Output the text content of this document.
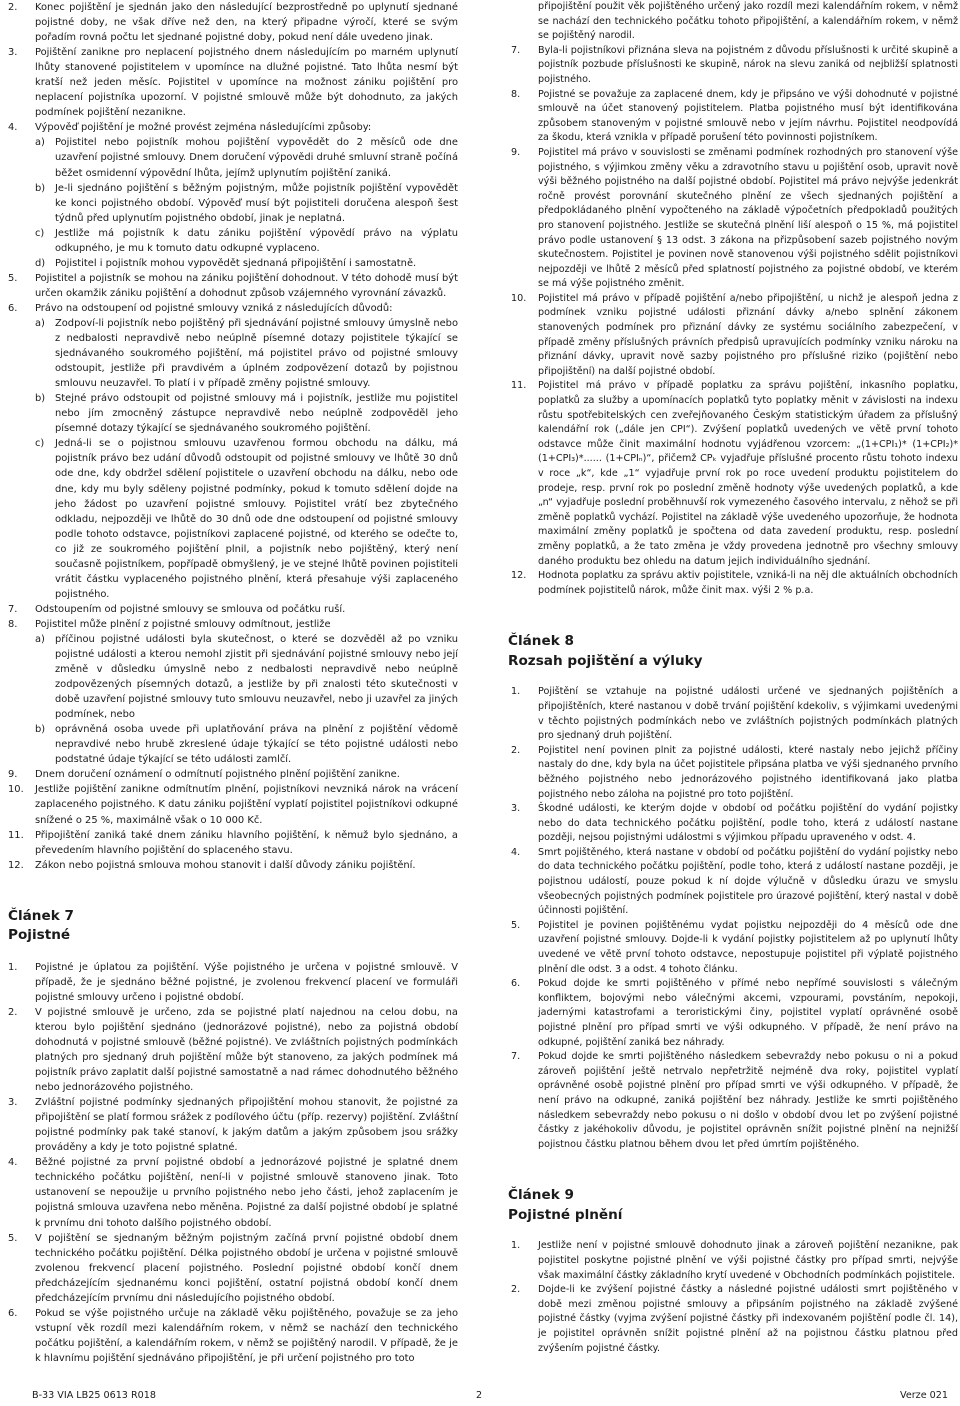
2. Konec pojištění je sjednán jako den následující bezprostředně po uplynutí sjednané pojistné doby, ne však dříve než den, na který připadne výročí, které se svým pořadím rovná počtu let sjednané pojistné doby, pokud není dále uvedeno jinak.
3. Pojištění zanikne pro neplacení pojistného dnem následujícím po marném uplynutí lhůty stanovené pojistitelem v upomínce na dlužné pojistné. Tato lhůta nesmí být kratší než jeden měsíc. Pojistitel v upomínce na možnost zániku pojištění pro neplacení pojistníka upozorní. V pojistné smlouvě může být dohodnuto, za jakých podmínek pojištění nezanikne.
4. Výpověď pojištění je možné provést zejména následujícími způsoby:
a) Pojistitel nebo pojistník mohou pojištění vypovědět do 2 měsíců ode dne uzavření pojistné smlouvy. Dnem doručení výpovědi druhé smluvní straně počíná běžet osmidenní výpovědní lhůta, jejímž uplynutím pojištění zaniká.
b) Je-li sjednáno pojištění s běžným pojistným, může pojistník pojištění vypovědět ke konci pojistného období. Výpověď musí být pojistiteli doručena alespoň šest týdnů před uplynutím pojistného období, jinak je neplatná.
c) Jestliže má pojistník k datu zániku pojištění výpovědí právo na výplatu odkupného, je mu k tomuto datu odkupné vyplaceno.
d) Pojistitel i pojistník mohou vypovědět sjednaná připojištění i samostatně.
5. Pojistitel a pojistník se mohou na zániku pojištění dohodnout. V této dohodě musí být určen okamžik zániku pojištění a dohodnut způsob vzájemného vyrovnání závazků.
6. Právo na odstoupení od pojistné smlouvy vzniká z následujících důvodů:
a) Zodpoví-li pojistník nebo pojištěný při sjednávání pojistné smlouvy úmyslně nebo z nedbalosti nepravdivě nebo neúplně písemné dotazy pojistitele týkající se sjednávaného soukromého pojištění, má pojistitel právo od pojistné smlouvy odstoupit, jestliže při pravdivém a úplném zodpovězení dotazů by pojistnou smlouvu neuzavřel. To platí i v případě změny pojistné smlouvy.
b) Stejné právo odstoupit od pojistné smlouvy má i pojistník, jestliže mu pojistitel nebo jím zmocněný zástupce nepravdivě nebo neúplně zodpověděl jeho písemné dotazy týkající se sjednávaného soukromého pojištění.
c) Jedná-li se o pojistnou smlouvu uzavřenou formou obchodu na dálku, má pojistník právo bez udání důvodů odstoupit od pojistné smlouvy ve lhůtě 30 dnů ode dne, kdy obdržel sdělení pojistitele o uzavření obchodu na dálku, nebo ode dne, kdy mu byly sděleny pojistné podmínky, pokud k tomuto sdělení dojde na jeho žádost po uzavření pojistné smlouvy. Pojistitel vrátí bez zbytečného odkladu, nejpozději ve lhůtě do 30 dnů ode dne odstoupení od pojistné smlouvy podle tohoto odstavce, pojistníkovi zaplacené pojistné, od kterého se odečte to, co již ze soukromého pojištění plnil, a pojistník nebo pojištěný, který není současně pojistníkem, popřípadě obmyšlený, je ve stejné lhůtě povinen pojistiteli vrátit částku vyplaceného pojistného plnění, která přesahuje výši zaplaceného pojistného.
7. Odstoupením od pojistné smlouvy se smlouva od počátku ruší.
8. Pojistitel může plnění z pojistné smlouvy odmítnout, jestliže
a) příčinou pojistné události byla skutečnost, o které se dozvěděl až po vzniku pojistné události a kterou nemohl zjistit při sjednávání pojistné smlouvy nebo její změně v důsledku úmyslně nebo z nedbalosti nepravdivě nebo neúplně zodpovězených písemných dotazů, a jestliže by při znalosti této skutečnosti v době uzavření pojistné smlouvy tuto smlouvu neuzavřel, nebo ji uzavřel za jiných podmínek, nebo
b) oprávněná osoba uvede při uplatňování práva na plnění z pojištění vědomě nepravdivé nebo hrubě zkreslené údaje týkající se této pojistné události nebo podstatné údaje týkající se této události zamlčí.
9. Dnem doručení oznámení o odmítnutí pojistného plnění pojištění zanikne.
10. Jestliže pojištění zanikne odmítnutím plnění, pojistníkovi nevzniká nárok na vrácení zaplaceného pojistného. K datu zániku pojištění vyplatí pojistitel pojistníkovi odkupné snížené o 25 %, maximálně však o 10 000 Kč.
11. Připojištění zaniká také dnem zániku hlavního pojištění, k němuž bylo sjednáno, a převedením hlavního pojištění do splaceného stavu.
12. Zákon nebo pojistná smlouva mohou stanovit i další důvody zániku pojištění.
Článek 7
Pojistné
1. Pojistné je úplatou za pojištění. Výše pojistného je určena v pojistné smlouvě. V případě, že je sjednáno běžné pojistné, je zvolenou frekvencí placení ve formuláři pojistné smlouvy určeno i pojistné období.
2. V pojistné smlouvě je určeno, zda se pojistné platí najednou na celou dobu, na kterou bylo pojištění sjednáno (jednorázové pojistné), nebo za pojistná období dohodnutá v pojistné smlouvě (běžné pojistné). Ve zvláštních pojistných podmínkách platných pro sjednaný druh pojištění může být stanoveno, za jakých podmínek má pojistník právo zaplatit další pojistné samostatně a nad rámec dohodnutého běžného nebo jednorázového pojistného.
3. Zvláštní pojistné podmínky sjednaných připojištění mohou stanovit, že pojistné za připojištění se platí formou srážek z podílového účtu (příp. rezervy) pojištění. Zvláštní pojistné podmínky pak také stanoví, k jakým datům a jakým způsobem jsou srážky prováděny a kdy je toto pojistné splatné.
4. Běžné pojistné za první pojistné období a jednorázové pojistné je splatné dnem technického počátku pojištění, není-li v pojistné smlouvě stanoveno jinak. Toto ustanovení se nepoužije u prvního pojistného nebo jeho části, jehož zaplacením je pojistná smlouva uzavřena nebo měněna. Pojistné za další pojistné období je splatné k prvnímu dni tohoto dalšího pojistného období.
5. V pojištění se sjednaným běžným pojistným začíná první pojistné období dnem technického počátku pojištění. Délka pojistného období je určena v pojistné smlouvě zvolenou frekvencí placení pojistného. Poslední pojistné období končí dnem předcházejícím sjednanému konci pojištění, ostatní pojistná období končí dnem předcházejícím prvnímu dni následujícího pojistného období.
6. Pokud se výše pojistného určuje na základě věku pojištěného, považuje se za jeho vstupní věk rozdíl mezi kalendářním rokem, v němž se nachází den technického počátku pojištění, a kalendářním rokem, v němž se pojištěný narodil. V případě, že je k hlavnímu pojištění sjednáváno připojištění, je při určení pojistného pro toto
připojištění použit věk pojištěného určený jako rozdíl mezi kalendářním rokem, v němž se nachází den technického počátku tohoto připojištění, a kalendářním rokem, v němž se pojištěný narodil.
7. Byla-li pojistníkovi přiznána sleva na pojistném z důvodu příslušnosti k určité skupině a pojistník pozbude příslušnosti ke skupině, nárok na slevu zaniká od nejbližší splatnosti pojistného.
8. Pojistné se považuje za zaplacené dnem, kdy je připsáno ve výši dohodnuté v pojistné smlouvě na účet stanovený pojistitelem. Platba pojistného musí být identifikována způsobem stanoveným v pojistné smlouvě nebo v jejím návrhu. Pojistitel neodpovídá za škodu, která vznikla v případě porušení této povinnosti pojistníkem.
9. Pojistitel má právo v souvislosti se změnami podmínek rozhodných pro stanovení výše pojistného, s výjimkou změny věku a zdravotního stavu u pojištění osob, upravit nově výši běžného pojistného na další pojistné období. Pojistitel má právo nejvýše jedenkrát ročně provést porovnání skutečného plnění ze všech sjednaných pojištění a předpokládaného plnění vypočteného na základě výpočetních předpokladů použitých pro stanovení pojistného. Jestliže se skutečná plnění liší alespoň o 15 %, má pojistitel právo podle ustanovení § 13 odst. 3 zákona na přizpůsobení sazeb pojistného novým skutečnostem. Pojistitel je povinen nově stanovenou výši pojistného sdělit pojistníkovi nejpozději ve lhůtě 2 měsíců před splatností pojistného za pojistné období, ve kterém se má výše pojistného změnit.
10. Pojistitel má právo v případě pojištění a/nebo připojištění, u nichž je alespoň jedna z podmínek vzniku pojistné události přiznání dávky a/nebo splnění zákonem stanovených podmínek pro přiznání dávky ze systému sociálního zabezpečení, v případě změny příslušných právních předpisů upravujících podmínky vzniku nároku na přiznání dávky, upravit nově sazby pojistného pro příslušné riziko (pojištění nebo připojištění) na další pojistné období.
11. Pojistitel má právo v případě poplatku za správu pojištění, inkasního poplatku, poplatků za služby a upomínacích poplatků tyto poplatky měnit v závislosti na indexu růstu spotřebitelských cen zveřejňovaného Českým statistickým úřadem za příslušný kalendářní rok („dále jen CPI“). Zvýšení poplatků uvedených ve větě první tohoto odstavce může činit maximální hodnotu vyjádřenou vzorcem: „(1+CPI₁)* (1+CPI₂)* (1+CPI₃)*...... (1+CPIₙ)“, přičemž CPₖ vyjadřuje příslušné procento růstu tohoto indexu v roce „k“, kde „1“ vyjadřuje první rok po roce uvedení produktu pojistitelem do prodeje, resp. první rok po poslední změně hodnoty výše uvedených poplatků, a kde „n“ vyjadřuje poslední proběhnuvší rok vymezeného časového intervalu, z něhož se při změně poplatků vychází. Pojistitel na základě výše uvedeného upozorňuje, že hodnota maximální změny poplatků je spočtena od data zavedení produktu, resp. poslední změny poplatků, a že tato změna je vždy provedena jednotně pro všechny smlouvy daného produktu bez ohledu na datum jejich individuálního sjednání.
12. Hodnota poplatku za správu aktiv pojistitele, vzniká-li na něj dle aktuálních obchodních podmínek pojistitelů nárok, může činit max. výši 2 % p.a.
Článek 8
Rozsah pojištění a výluky
1. Pojištění se vztahuje na pojistné události určené ve sjednaných pojištěních a připojištěních, které nastanou v době trvání pojištění kdekoliv, s výjimkami uvedenými v těchto pojistných podmínkách nebo ve zvláštních pojistných podmínkách platných pro sjednaný druh pojištění.
2. Pojistitel není povinen plnit za pojistné události, které nastaly nebo jejichž příčiny nastaly do dne, kdy byla na účet pojistitele připsána platba ve výši sjednaného prvního běžného pojistného nebo jednorázového pojistného identifikovaná jako platba pojistného nebo záloha na pojistné pro toto pojištění.
3. Škodné události, ke kterým dojde v období od počátku pojištění do vydání pojistky nebo do data technického počátku pojištění, podle toho, která z událostí nastane později, nejsou pojistnými událostmi s výjimkou případu upraveného v odst. 4.
4. Smrt pojištěného, která nastane v období od počátku pojištění do vydání pojistky nebo do data technického počátku pojištění, podle toho, která z událostí nastane později, je pojistnou událostí, pouze pokud k ní dojde výlučně v důsledku úrazu ve smyslu všeobecných pojistných podmínek pojistitele pro úrazové pojištění, který nastal v době účinnosti pojištění.
5. Pojistitel je povinen pojištěnému vydat pojistku nejpozději do 4 měsíců ode dne uzavření pojistné smlouvy. Dojde-li k vydání pojistky pojistitelem až po uplynutí lhůty uvedené ve větě první tohoto odstavce, nepostupuje pojistitel při výplatě pojistného plnění dle odst. 3 a odst. 4 tohoto článku.
6. Pokud dojde ke smrti pojištěného v přímé nebo nepřímé souvislosti s válečným konfliktem, bojovými nebo válečnými akcemi, vzpourami, povstáním, nepokoji, jadernými katastrofami a teroristickými činy, pojistitel vyplatí oprávněné osobě pojistné plnění pro případ smrti ve výši odkupného. V případě, že není právo na odkupné, pojištění zaniká bez náhrady.
7. Pokud dojde ke smrti pojištěného následkem sebevraždy nebo pokusu o ni a pokud zároveň pojištění ještě netrvalo nepřetržitě nejméně dva roky, pojistitel vyplatí oprávněné osobě pojistné plnění pro případ smrti ve výši odkupného. V případě, že není právo na odkupné, zaniká pojištění bez náhrady. Jestliže ke smrti pojištěného následkem sebevraždy nebo pokusu o ni došlo v období dvou let po zvýšení pojistné částky z jakéhokoliv důvodu, je pojistitel oprávněn snížit pojistné plnění na nejnižší pojistnou částku platnou během dvou let před úmrtím pojištěného.
Článek 9
Pojistné plnění
1. Jestliže není v pojistné smlouvě dohodnuto jinak a zároveň pojištění nezanikne, pak pojistitel poskytne pojistné plnění ve výši pojistné částky pro případ smrti, nejvýše však maximální částky základního krytí uvedené v Obchodních podmínkách pojistitele.
2. Dojde-li ke zvýšení pojistné částky a následné pojistné události smrt pojištěného v době mezi změnou pojistné smlouvy a připsáním pojistného na základě zvýšené pojistné částky (vyjma zvýšení pojistné částky při indexovaném pojištění podle čl. 14), je pojistitel oprávněn snížit pojistné plnění až na pojistnou částku platnou před zvýšením pojistné částky.
B-33 VIA LB25 0613 R018	2	Verze 021
